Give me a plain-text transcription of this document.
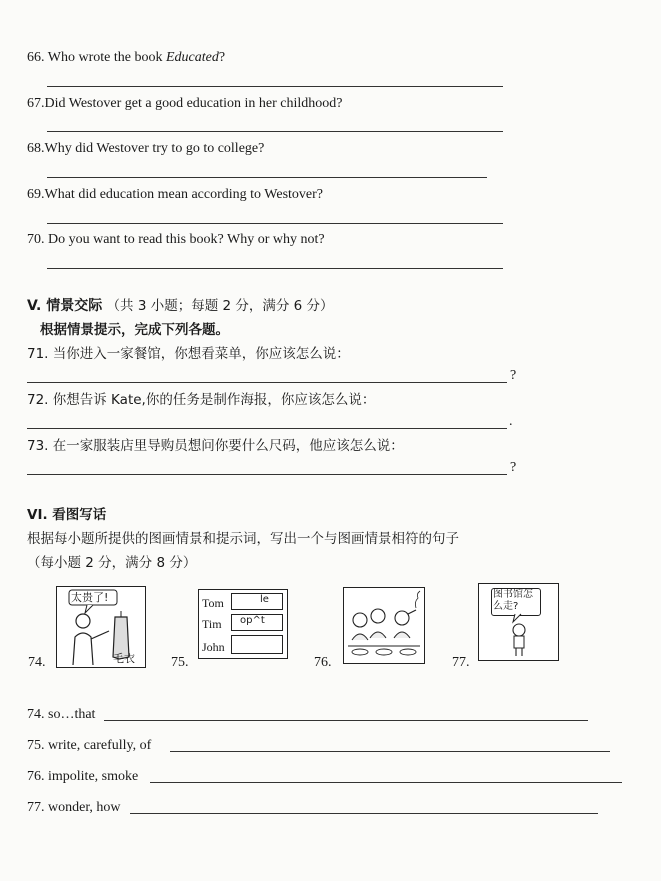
66. Who wrote the book Educated?
67.Did Westover get a good education in her childhood?
68.Why did Westover try to go to college?
69.What did education mean according to Westover?
70. Do you want to read this book? Why or why not?
V. 情景交际 （共 3 小题；每题 2 分，满分 6 分）
根据情景提示，完成下列各题。
71. 当你进入一家餐馆，你想看菜单，你应该怎么说：
?
72. 你想告诉 Kate,你的任务是制作海报，你应该怎么说：
.
73. 在一家服装店里导购员想问你要什么尺码，他应该怎么说：
?
VI. 看图写话
根据每小题所提供的图画情景和提示词，写出一个与图画情景相符的句子
（每小题 2 分，满分 8 分）
74.
太贵了!
毛衣	75.
Tom	le
Tim op^t
John
76.	77.
图书馆怎么走?
74. so…that
75. write, carefully, of
76. impolite, smoke
77. wonder, how
